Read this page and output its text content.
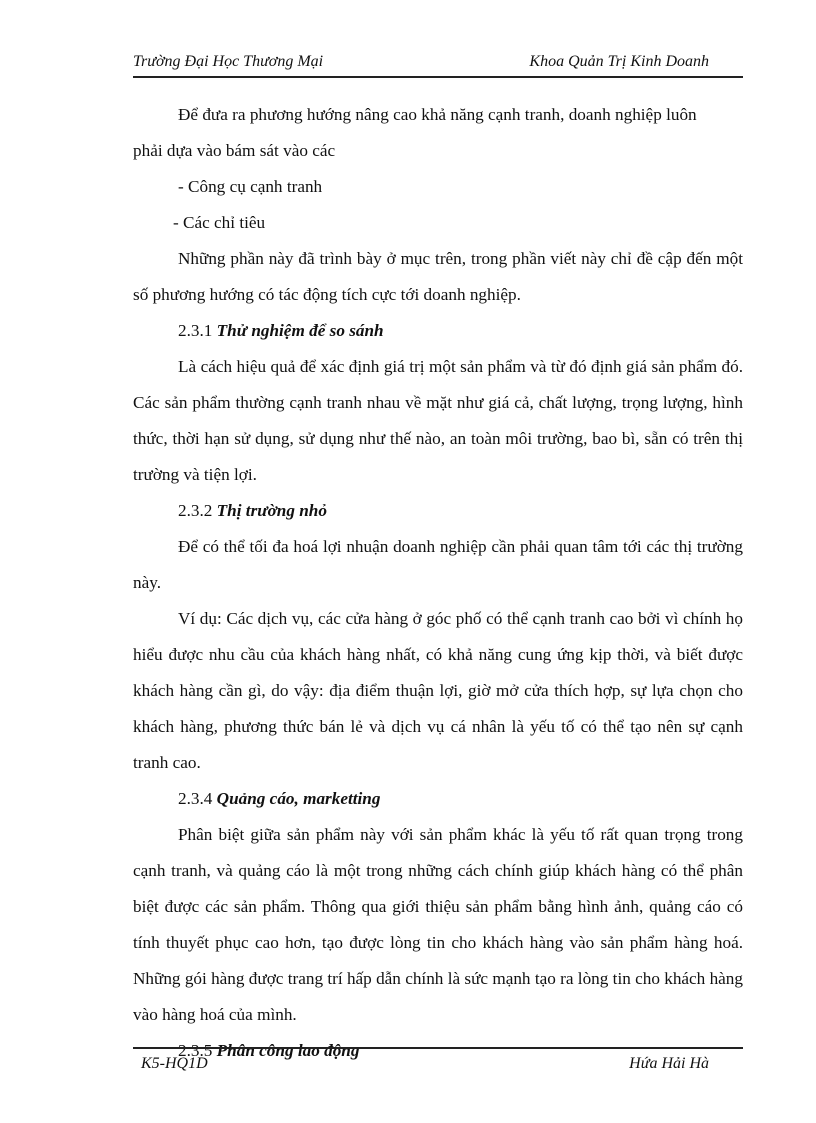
Trường Đại Học Thương Mại	Khoa Quản Trị Kinh Doanh

Để đưa ra phương hướng nâng cao khả năng cạnh tranh, doanh nghiệp luôn

phải dựa vào bám sát vào các

- Công cụ cạnh tranh

- Các chỉ tiêu

Những phần này đã trình bày ở mục trên, trong phần viết này chỉ đề cập đến một số phương hướng có tác động tích cực tới doanh nghiệp.

2.3.1 Thử nghiệm để so sánh

Là cách hiệu quả để xác định giá trị một sản phẩm và từ đó định giá sản phẩm đó. Các sản phẩm thường cạnh tranh nhau về mặt như giá cả, chất lượng, trọng lượng, hình thức, thời hạn sử dụng, sử dụng như thế nào, an toàn môi trường, bao bì, sẵn có trên thị trường và tiện lợi.

2.3.2 Thị trường nhỏ

Để có thể tối đa hoá lợi nhuận doanh nghiệp cần phải quan tâm tới các thị trường này.

Ví dụ: Các dịch vụ, các cửa hàng ở góc phố có thể cạnh tranh cao bởi vì chính họ hiểu được nhu cầu của khách hàng nhất, có khả năng cung ứng kịp thời, và biết được khách hàng cần gì, do vậy: địa điểm thuận lợi, giờ mở cửa thích hợp, sự lựa chọn cho khách hàng, phương thức bán lẻ và dịch vụ cá nhân là yếu tố có thể tạo nên sự cạnh tranh cao.

2.3.4 Quảng cáo, marketting

Phân biệt giữa sản phẩm này với sản phẩm khác là yếu tố rất quan trọng trong cạnh tranh, và quảng cáo là một trong những cách chính giúp khách hàng có thể phân biệt được các sản phẩm. Thông qua giới thiệu sản phẩm bằng hình ảnh, quảng cáo có tính thuyết phục cao hơn, tạo được lòng tin cho khách hàng vào sản phẩm hàng hoá. Những gói hàng được trang trí hấp dẫn chính là sức mạnh tạo ra lòng tin cho khách hàng vào hàng hoá của mình.

2.3.5 Phân công lao động

K5-HQ1D	Hứa Hải Hà
